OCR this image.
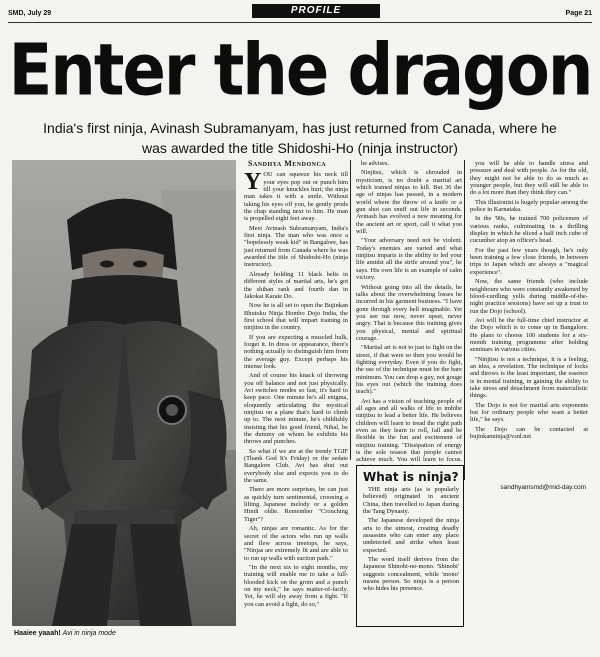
SMD, July 29	PROFILE	Page 21
Enter the dragon
India's first ninja, Avinash Subramanyam, has just returned from Canada, where he was awarded the title Shidoshi-Ho (ninja instructor)
Haaiee yaaah! Avi in ninja mode
Sandhya Mendonca

YOU can squeeze his neck till your eyes pop out or punch him till your knuckles hurt; the ninja man takes it with a smile. Without taking his eyes off you, he gently prods the chap standing next to him. He man is propelled eight feet away.

Meet Avinash Subramanyam, India's first ninja. The man who was once a "hopelessly weak kid" in Bangalore, has just returned from Canada where he was awarded the title of Shidoshi-Ho (ninja instructor).

Already holding 11 black belts in different styles of martial arts, he's got the shihan rank and fourth dan in Jakokai Karate Do.

Now he is all set to open the Bujinkan Bhutoku Ninja Hombo Dojo India, the first school that will impart training in ninjitsu in the country.

If you are expecting a muscled hulk, forget it. In dress or appearance, there's nothing actually to distinguish him from the average guy. Except perhaps his intense look.

And of course his knack of throwing you off balance and not just physically. Avi switches modes so fast, it's hard to keep pace. One minute he's all enigma, eloquently articulating the mystical ninjitsu on a plane that's hard to climb up to. The next minute, he's childishly insisting that his good friend, Nihal, be the dummy on whom he exhibits his throws and punches.

So what if we are at the trendy TGIF (Thank God It's Friday) or the sedate Bangalore Club. Avi has shut out everybody else and expects you to do the same.

There are more surprises, he can just as quickly turn sentimental, crooning a lilting Japanese melody or a golden Hindi oldie. Remember "Crouching Tiger"?

Ah, ninjas are romantic. As for the secret of the actors who run up walls and flew across treetops, he says, "Ninjas are extremely fit and are able to to run up walls with suction pads."

"In the next six to eight months, my training will enable me to take a full-blooded kick on the groin and a punch on my neck," he says matter-of-factly. Yet, he will shy away from a fight. "If you can avoid a fight, do so,"

he advises.

Ninjitsu, which is shrouded in mysticism, is no doubt a martial art which trained ninjas to kill. But 36 the age of ninjas has passed, in a modern world where the throw of a knife or a gun shot can snuff out life in seconds. Avinash has evolved a new meaning for the ancient art or sport, call it what you will.

"Your adversary need not be violent. Today's enemies are varied and what ninjitsu imparts is the ability to led your life amidst all the strife around you", he says. His own life is an example of calm victory.

Without going into all the details, he talks about the overwhelming losses he incurred in his garment business. "I have gone through every hell imaginable. Yet you see me now, never upset, never angry. That is because this training gives you physical, mental and spiritual courage.

"Martial art is not to just to fight on the street, if that were so then you would be fighting everyday. Even if you do fight, the use of the technique must be the bare minimum. You can drop a guy, not gouge his eyes out (which the training does teach)."

Avi has a vision of teaching people of all ages and all walks of life to imbibe ninjitsu to lead a better life. He believes children will learn to tread the right path even as they learn to roll, fall and be flexible in the fun and excitement of ninjitsu training. "Dissipation of energy is the sole reason that people cannot achieve much. You will learn to focus.

you will be able to handle stress and pressure and deal with people. As for the old, they might not be able to do as much as younger people, but they will still be able to do a lot more than they think they can."

This illusionist is hugely popular among the police in Karnataka.

In the '90s, he trained 700 policemen of various ranks, culminating in a thrilling display in which he sliced a half inch cube of cucumber atop an officer's head.

For the past few years though, he's only been training a few close friends, in between trips to Japan which are always a "magical experience".

Now, the same friends (who include neighbours who were constantly awakened by blood-curdling yells during middle-of-the-night practice sessions) have set up a trust to run the Dojo (school).

Avi will be the full-time chief instructor at the Dojo which is to come up in Bangalore. He plans to choose 100 students for a six-month training programme after holding seminars in various cities.

"Ninjitsu is not a technique, it is a feeling, an idea, a revelation. The technique of locks and throws is the least important, the essence is in mental training, in gaining the ability to take stress and detachment from materialistic things.

The Dojo is not for martial arts exponents but for ordinary people who want a better life," he says.

The Dojo can be contacted at bujinkanninja@vsnl.net

sandhyamsmd@mid-day.com
What is ninja?

THE ninja arts (as is popularly believed) originated in ancient China, then travelled to Japan during the Tang Dynasty.

The Japanese developed the ninja arts to the utmost, creating deadly assassins who can enter any place undetected and strike when least expected.

The word itself derives from the Japanese Shinobi-no-mono. 'Shinobi' suggests concealment, while 'mono' means person. So ninja is a person who hides his presence.
